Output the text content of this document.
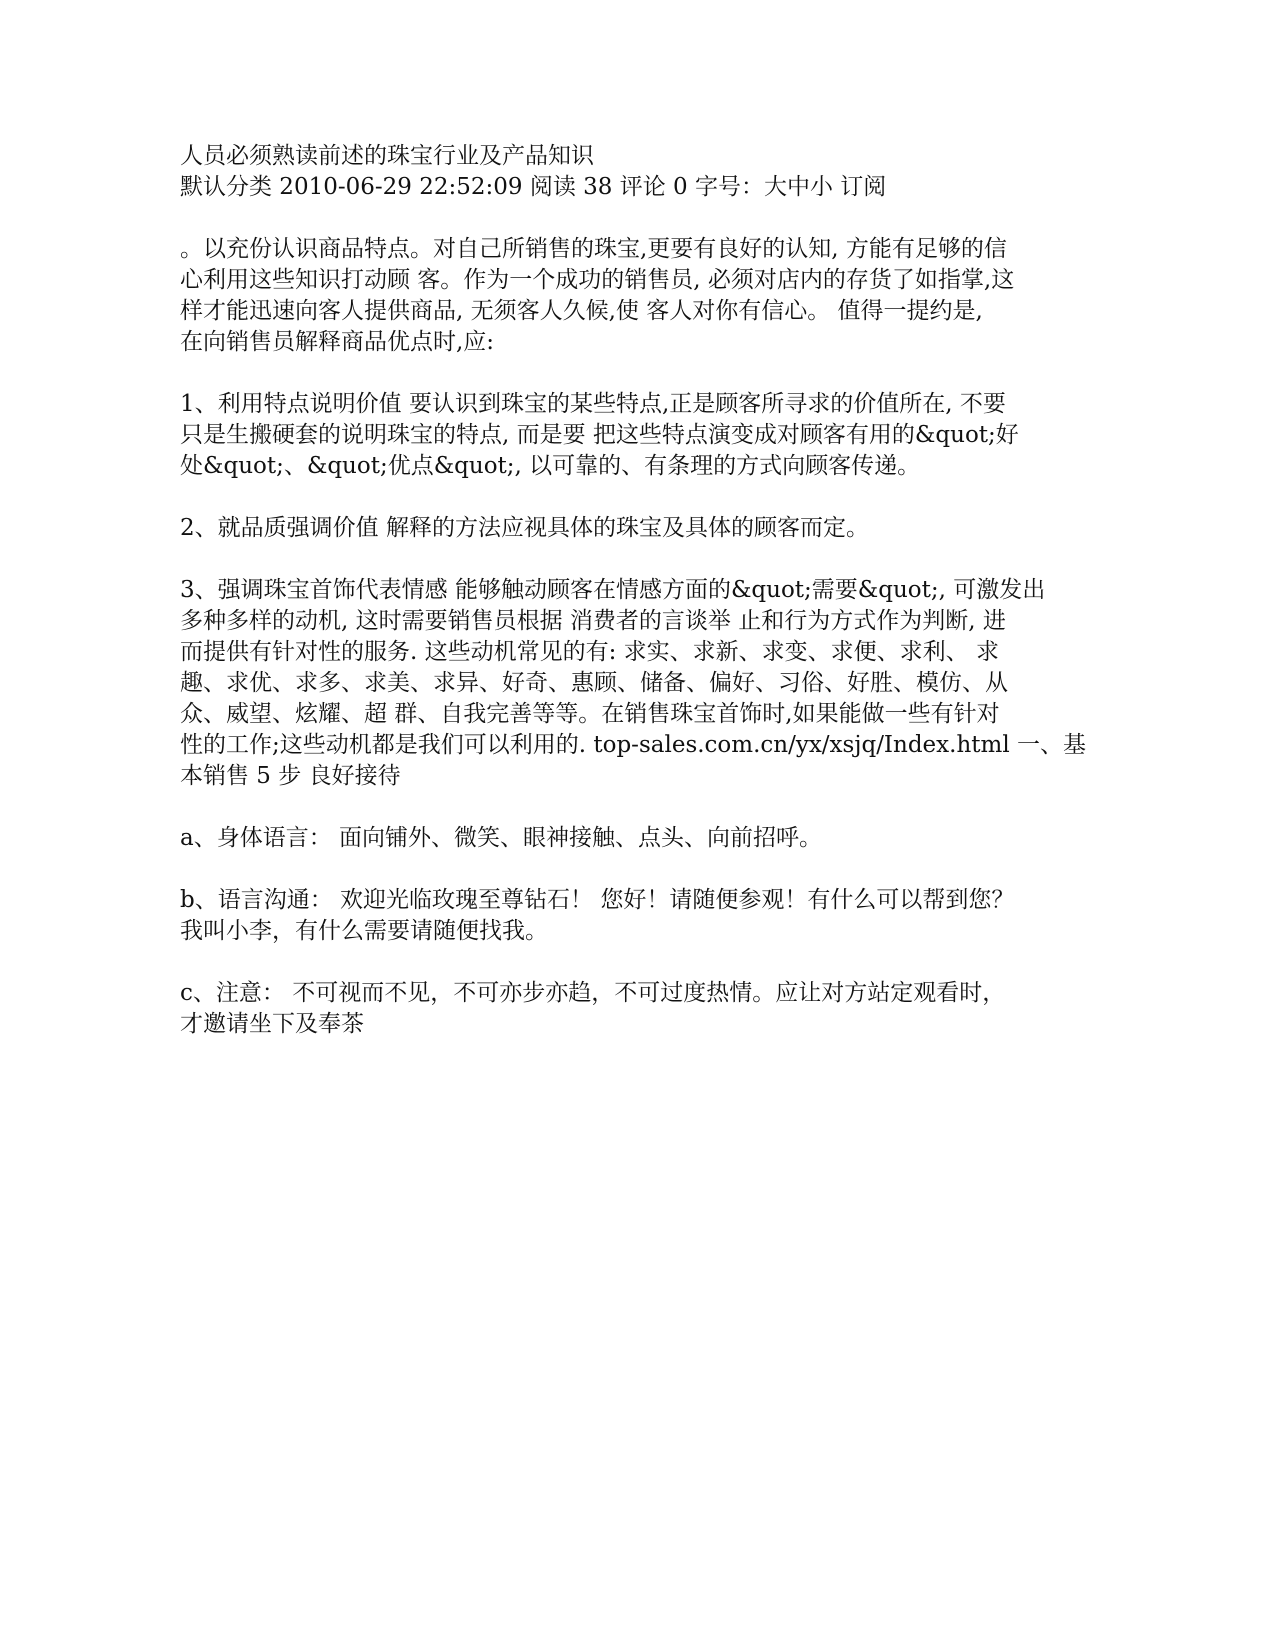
人员必须熟读前述的珠宝行业及产品知识

默认分类 2010-06-29 22:52:09 阅读 38 评论 0 字号：大中小 订阅

。以充份认识商品特点。对自己所销售的珠宝,更要有良好的认知, 方能有足够的信

心利用这些知识打动顾 客。作为一个成功的销售员, 必须对店内的存货了如指掌,这

样才能迅速向客人提供商品, 无须客人久候,使 客人对你有信心。 值得一提约是,

在向销售员解释商品优点时,应:

1、利用特点说明价值 要认识到珠宝的某些特点,正是顾客所寻求的价值所在, 不要

只是生搬硬套的说明珠宝的特点, 而是要 把这些特点演变成对顾客有用的&quot;好

处&quot;、&quot;优点&quot;, 以可靠的、有条理的方式向顾客传递。

2、就品质强调价值 解释的方法应视具体的珠宝及具体的顾客而定。

3、强调珠宝首饰代表情感 能够触动顾客在情感方面的&quot;需要&quot;, 可激发出

多种多样的动机, 这时需要销售员根据 消费者的言谈举 止和行为方式作为判断, 进

而提供有针对性的服务. 这些动机常见的有: 求实、求新、求变、求便、求利、 求

趣、求优、求多、求美、求异、好奇、惠顾、储备、偏好、习俗、好胜、模仿、从

众、威望、炫耀、超 群、自我完善等等。在销售珠宝首饰时,如果能做一些有针对

性的工作;这些动机都是我们可以利用的. top-sales.com.cn/yx/xsjq/Index.html 一、基

本销售 5 步 良好接待

a、身体语言： 面向铺外、微笑、眼神接触、点头、向前招呼。

b、语言沟通： 欢迎光临玫瑰至尊钻石！ 您好！请随便参观！有什么可以帮到您？

我叫小李，有什么需要请随便找我。

c、注意： 不可视而不见，不可亦步亦趋，不可过度热情。应让对方站定观看时，

才邀请坐下及奉茶
